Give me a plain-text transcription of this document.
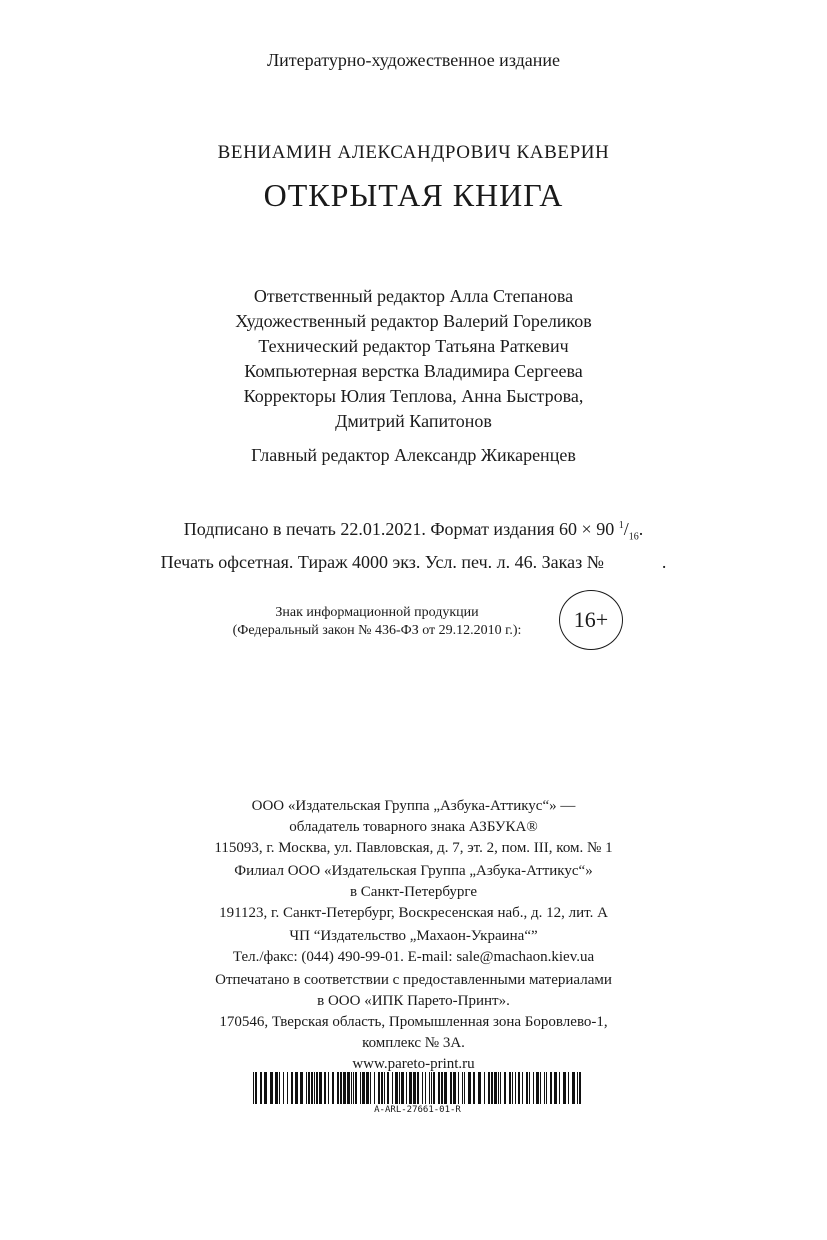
Литературно-художественное издание
ВЕНИАМИН АЛЕКСАНДРОВИЧ КАВЕРИН
ОТКРЫТАЯ КНИГА
Ответственный редактор Алла Степанова
Художественный редактор Валерий Гореликов
Технический редактор Татьяна Раткевич
Компьютерная верстка Владимира Сергеева
Корректоры Юлия Теплова, Анна Быстрова,
Дмитрий Капитонов
Главный редактор Александр Жикаренцев
Подписано в печать 22.01.2021. Формат издания 60 × 90 $^1/_{16}$.
Печать офсетная. Тираж 4000 экз. Усл. печ. л. 46. Заказ №	.
Знак информационной продукции
(Федеральный закон № 436-ФЗ от 29.12.2010 г.):	16+
ООО «Издательская Группа „Азбука-Аттикус“» —
обладатель товарного знака АЗБУКА®
115093, г. Москва, ул. Павловская, д. 7, эт. 2, пом. III, ком. № 1
Филиал ООО «Издательская Группа „Азбука-Аттикус“»
в Санкт-Петербурге
191123, г. Санкт-Петербург, Воскресенская наб., д. 12, лит. А
ЧП “Издательство „Махаон-Украина“”
Тел./факс: (044) 490-99-01. E-mail: sale@machaon.kiev.ua
Отпечатано в соответствии с предоставленными материалами
в ООО «ИПК Парето-Принт».
170546, Тверская область, Промышленная зона Боровлево-1,
комплекс № 3А.
www.pareto-print.ru
A-ARL-27661-01-R
